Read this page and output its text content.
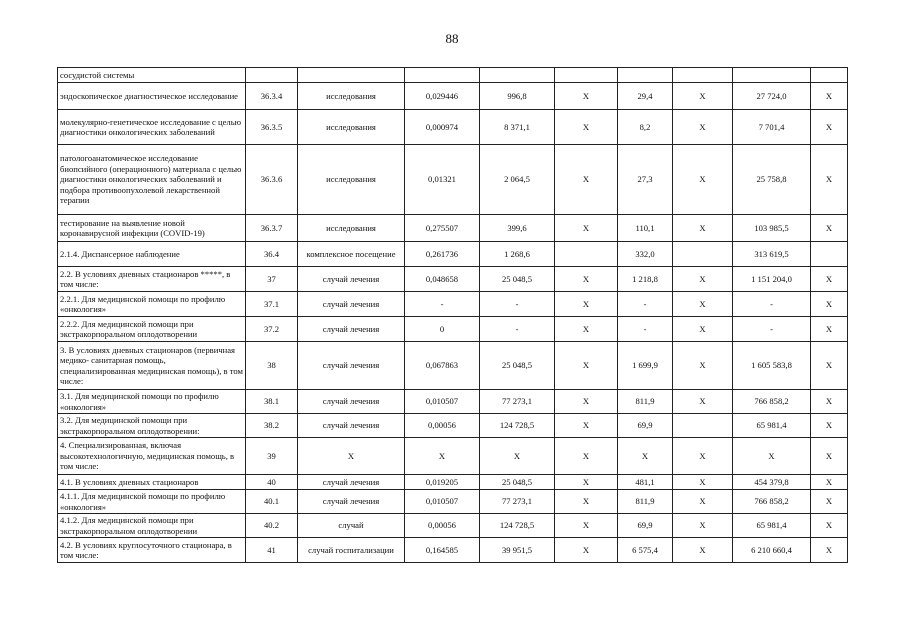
88
сосудистой системы									
эндоскопическое диагностическое исследование	36.3.4	исследования	0,029446	996,8	Х	29,4	Х	27 724,0	Х
молекулярно-генетическое исследование с целью диагностики онкологических заболеваний	36.3.5	исследования	0,000974	8 371,1	Х	8,2	Х	7 701,4	Х
патологоанатомическое исследование биопсийного (операционного) материала с целью диагностики онкологических заболеваний и подбора противоопухолевой лекарственной терапии	36.3.6	исследования	0,01321	2 064,5	Х	27,3	Х	25 758,8	Х
тестирование на выявление новой коронавирусной инфекции (COVID-19)	36.3.7	исследования	0,275507	399,6	Х	110,1	Х	103 985,5	Х
2.1.4. Диспансерное наблюдение	36.4	комплексное посещение	0,261736	1 268,6		332,0		313 619,5	
2.2. В условиях дневных стационаров *****, в том числе:	37	случай лечения	0,048658	25 048,5	Х	1 218,8	Х	1 151 204,0	Х
2.2.1. Для медицинской помощи по профилю «онкология»	37.1	случай лечения	-	-	Х	-	Х	-	Х
2.2.2. Для медицинской помощи при экстракорпоральном оплодотворении	37.2	случай лечения	0	-	Х	-	Х	-	Х
3. В условиях дневных стационаров (первичная медико- санитарная помощь, специализированная медицинская помощь), в том числе:	38	случай лечения	0,067863	25 048,5	Х	1 699,9	Х	1 605 583,8	Х
3.1. Для медицинской помощи по профилю «онкология»	38.1	случай лечения	0,010507	77 273,1	Х	811,9	Х	766 858,2	Х
3.2. Для медицинской помощи при экстракорпоральном оплодотворении:	38.2	случай лечения	0,00056	124 728,5	Х	69,9		65 981,4	Х
4. Специализированная, включая высокотехнологичную, медицинская помощь, в том числе:	39	Х	Х	Х	Х	Х	Х	Х	Х
4.1. В условиях дневных стационаров	40	случай лечения	0,019205	25 048,5	Х	481,1	Х	454 379,8	Х
4.1.1. Для медицинской помощи по профилю «онкология»	40.1	случай лечения	0,010507	77 273,1	Х	811,9	Х	766 858,2	Х
4.1.2. Для медицинской помощи при экстракорпоральном оплодотворении	40.2	случай	0,00056	124 728,5	Х	69,9	Х	65 981,4	Х
4.2. В условиях круглосуточного стационара, в том числе:	41	случай госпитализации	0,164585	39 951,5	Х	6 575,4	Х	6 210 660,4	Х
